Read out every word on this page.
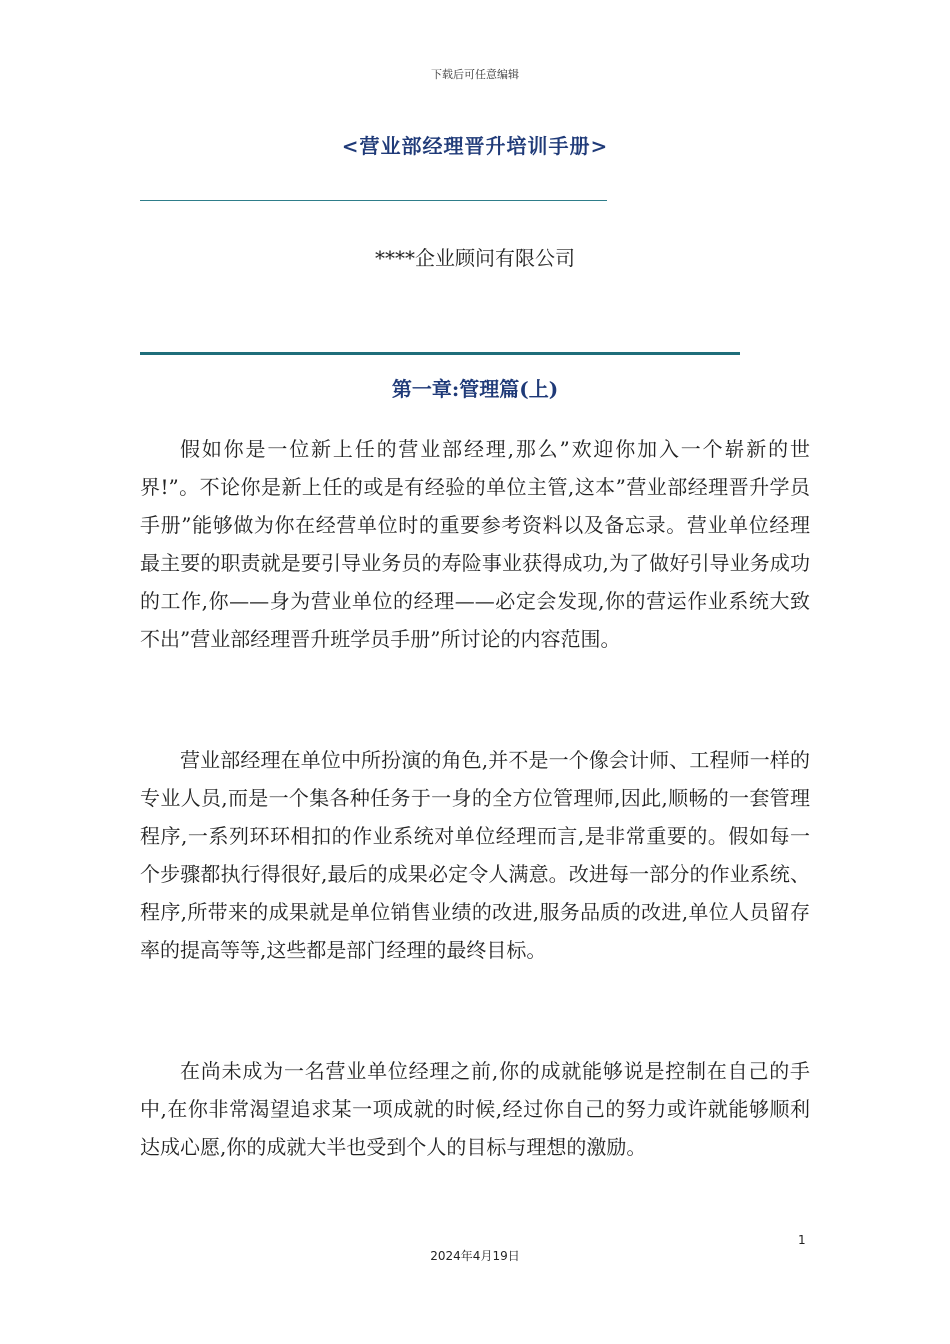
下载后可任意编辑
<营业部经理晋升培训手册>
****企业顾问有限公司
第一章:管理篇(上)

假如你是一位新上任的营业部经理,那么”欢迎你加入一个崭新的世界!”。不论你是新上任的或是有经验的单位主管,这本”营业部经理晋升学员手册”能够做为你在经营单位时的重要参考资料以及备忘录。营业单位经理最主要的职责就是要引导业务员的寿险事业获得成功,为了做好引导业务成功的工作,你——身为营业单位的经理——必定会发现,你的营运作业系统大致不出”营业部经理晋升班学员手册”所讨论的内容范围。

营业部经理在单位中所扮演的角色,并不是一个像会计师、工程师一样的专业人员,而是一个集各种任务于一身的全方位管理师,因此,顺畅的一套管理程序,一系列环环相扣的作业系统对单位经理而言,是非常重要的。假如每一个步骤都执行得很好,最后的成果必定令人满意。改进每一部分的作业系统、程序,所带来的成果就是单位销售业绩的改进,服务品质的改进,单位人员留存率的提高等等,这些都是部门经理的最终目标。

在尚未成为一名营业单位经理之前,你的成就能够说是控制在自己的手中,在你非常渴望追求某一项成就的时候,经过你自己的努力或许就能够顺利达成心愿,你的成就大半也受到个人的目标与理想的激励。

1
2024年4月19日
